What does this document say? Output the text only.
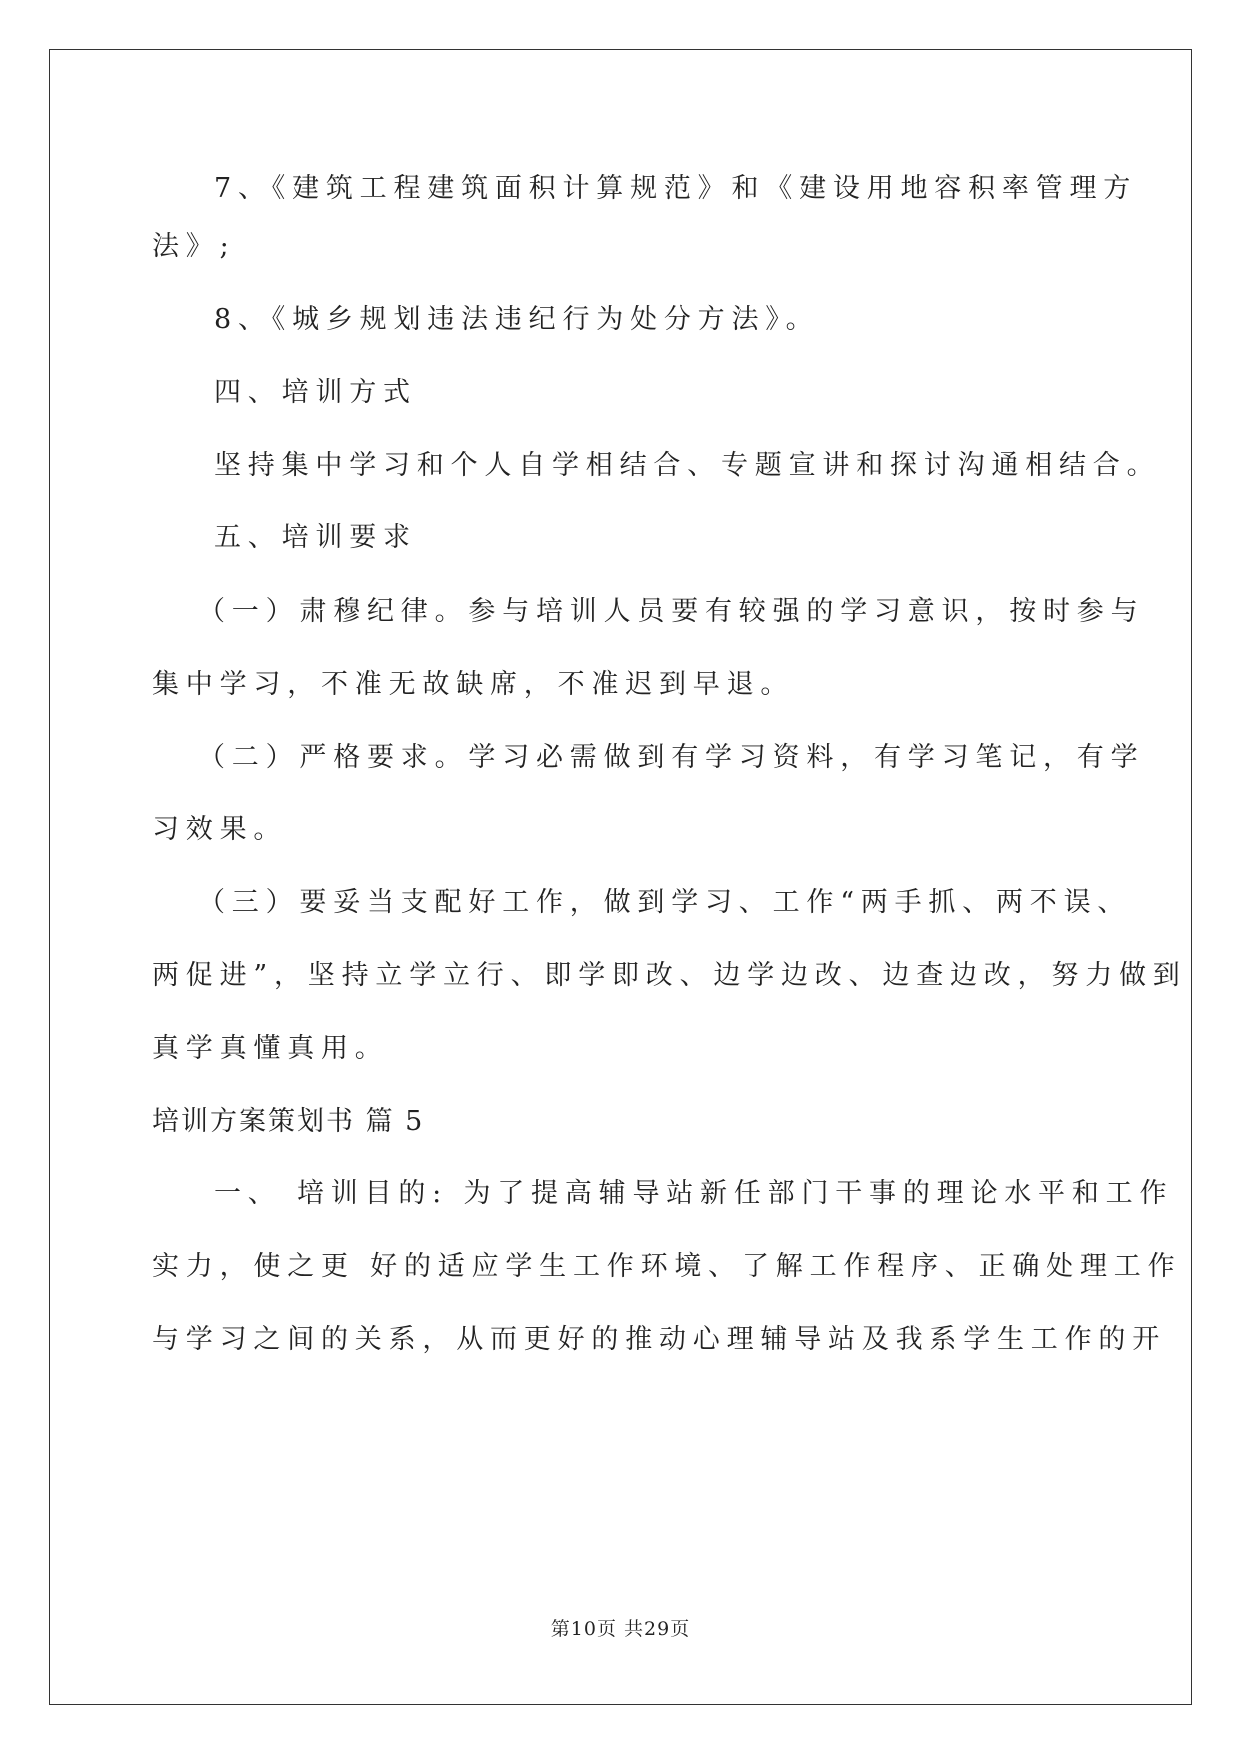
7、《建筑工程建筑面积计算规范》和《建设用地容积率管理方
法》;
8、《城乡规划违法违纪行为处分方法》。
四、培训方式
坚持集中学习和个人自学相结合、专题宣讲和探讨沟通相结合。
五、培训要求
（一）肃穆纪律。参与培训人员要有较强的学习意识，按时参与
集中学习，不准无故缺席，不准迟到早退。
（二）严格要求。学习必需做到有学习资料，有学习笔记，有学
习效果。
（三）要妥当支配好工作，做到学习、工作“两手抓、两不误、
两促进”，坚持立学立行、即学即改、边学边改、边查边改，努力做到
真学真懂真用。
培训方案策划书 篇 5
一、 培训目的: 为了提高辅导站新任部门干事的理论水平和工作
实力，使之更 好的适应学生工作环境、了解工作程序、正确处理工作
与学习之间的关系，从而更好的推动心理辅导站及我系学生工作的开
第10页 共29页
